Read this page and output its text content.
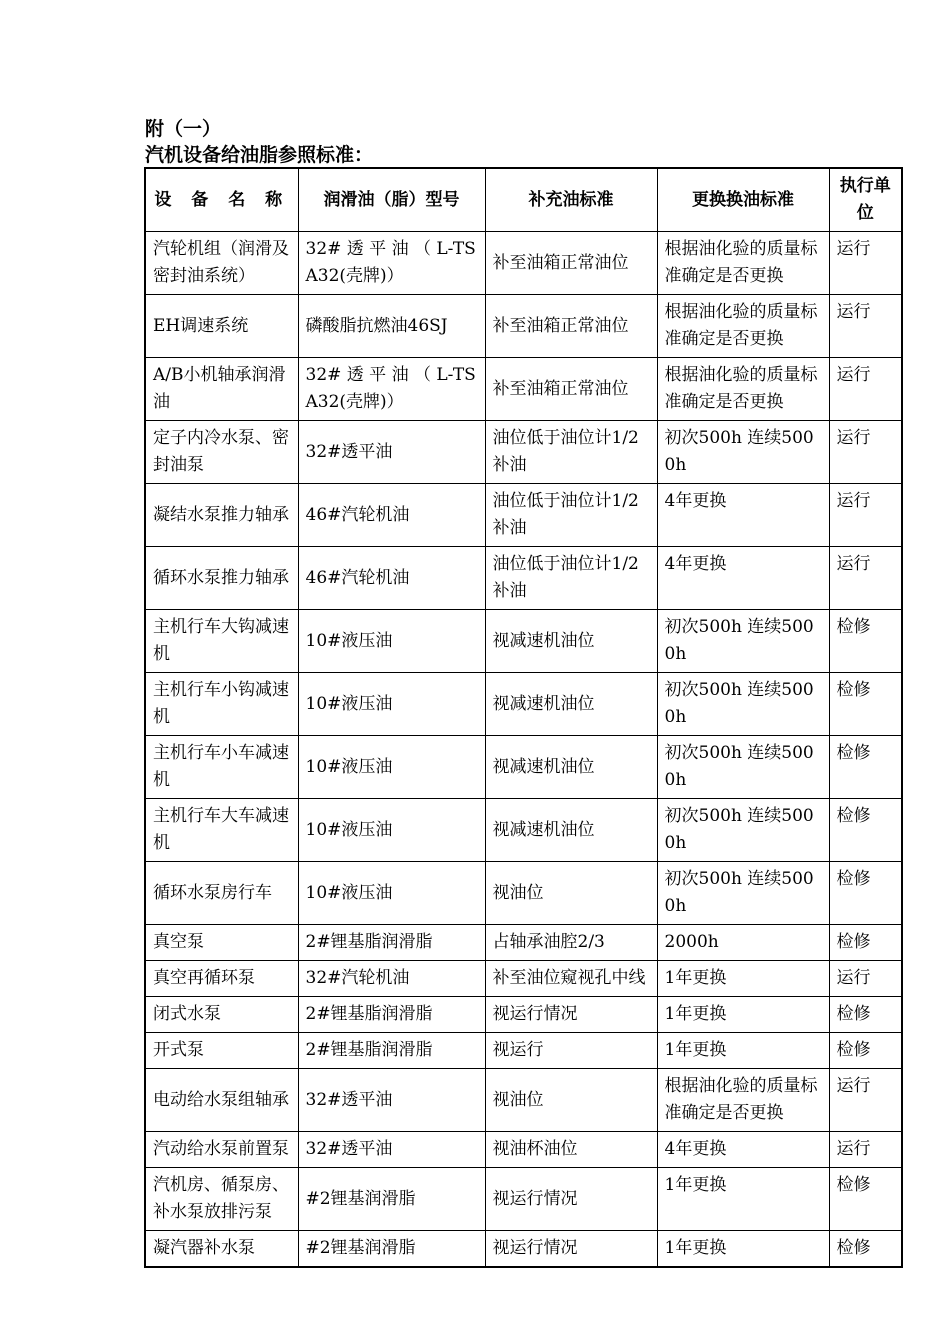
附（一）
汽机设备给油脂参照标准：
设 备 名 称	润滑油（脂）型号	补充油标准	更换换油标准	执行单位
汽轮机组（润滑及密封油系统）	32# 透 平 油 （ L-TSA32(壳牌)）	补至油箱正常油位	根据油化验的质量标准确定是否更换	运行
EH调速系统	磷酸脂抗燃油46SJ	补至油箱正常油位	根据油化验的质量标准确定是否更换	运行
A/B小机轴承润滑油	32# 透 平 油 （ L-TSA32(壳牌)）	补至油箱正常油位	根据油化验的质量标准确定是否更换	运行
定子内冷水泵、密封油泵	32#透平油	油位低于油位计1/2补油	初次500h 连续5000h	运行
凝结水泵推力轴承	46#汽轮机油	油位低于油位计1/2补油	4年更换	运行
循环水泵推力轴承	46#汽轮机油	油位低于油位计1/2补油	4年更换	运行
主机行车大钩减速机	10#液压油	视减速机油位	初次500h 连续5000h	检修
主机行车小钩减速机	10#液压油	视减速机油位	初次500h 连续5000h	检修
主机行车小车减速机	10#液压油	视减速机油位	初次500h 连续5000h	检修
主机行车大车减速机	10#液压油	视减速机油位	初次500h 连续5000h	检修
循环水泵房行车	10#液压油	视油位	初次500h 连续5000h	检修
真空泵	2#锂基脂润滑脂	占轴承油腔2/3	2000h	检修
真空再循环泵	32#汽轮机油	补至油位窥视孔中线	1年更换	运行
闭式水泵	2#锂基脂润滑脂	视运行情况	1年更换	检修
开式泵	2#锂基脂润滑脂	视运行	1年更换	检修
电动给水泵组轴承	32#透平油	视油位	根据油化验的质量标准确定是否更换	运行
汽动给水泵前置泵	32#透平油	视油杯油位	4年更换	运行
汽机房、循泵房、补水泵放排污泵	#2锂基润滑脂	视运行情况	1年更换	检修
凝汽器补水泵	#2锂基润滑脂	视运行情况	1年更换	检修
